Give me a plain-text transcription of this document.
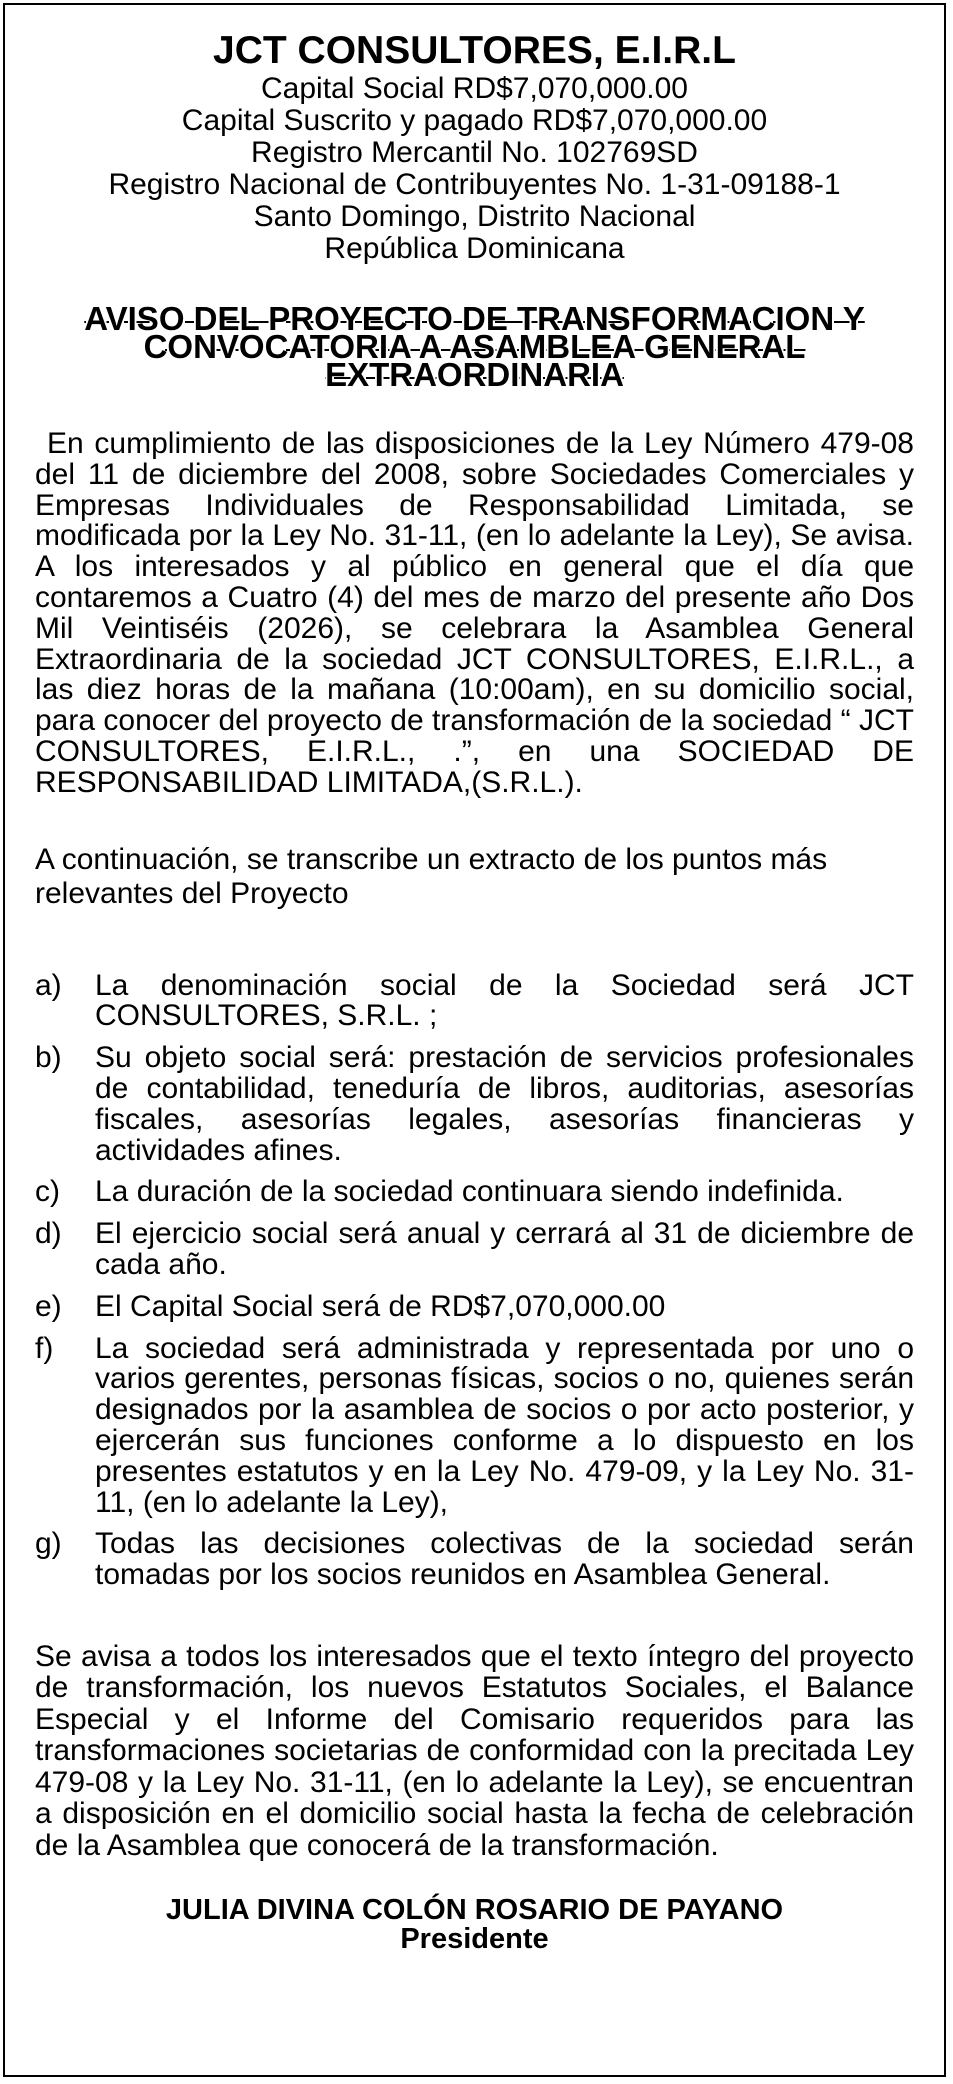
JCT CONSULTORES, E.I.R.L
Capital Social RD$7,070,000.00
Capital Suscrito y pagado RD$7,070,000.00
Registro Mercantil No. 102769SD
Registro Nacional de Contribuyentes No. 1-31-09188-1
Santo Domingo, Distrito Nacional
República Dominicana
AVISO DEL PROYECTO DE TRANSFORMACION Y CONVOCATORIA A ASAMBLEA GENERAL EXTRAORDINARIA
En cumplimiento de las disposiciones de la Ley Número 479-08 del 11 de diciembre del 2008, sobre Sociedades Comerciales y Empresas Individuales de Responsabilidad Limitada, se modificada por la Ley No. 31-11, (en lo adelante la Ley), Se avisa. A los interesados y al público en general que el día que contaremos a Cuatro (4) del mes de marzo del presente año Dos Mil Veintiséis (2026), se celebrara la Asamblea General Extraordinaria de la sociedad JCT CONSULTORES, E.I.R.L., a las diez horas de la mañana (10:00am), en su domicilio social, para conocer del proyecto de transformación de la sociedad “ JCT CONSULTORES, E.I.R.L., .”, en una SOCIEDAD DE RESPONSABILIDAD LIMITADA,(S.R.L.).
A continuación, se transcribe un extracto de los puntos más relevantes del Proyecto
a)	La denominación social de la Sociedad será JCT CONSULTORES, S.R.L. ;
b)	Su objeto social será: prestación de servicios profesionales de contabilidad, teneduría de libros, auditorias, asesorías fiscales, asesorías legales, asesorías financieras y actividades afines.
c)	La duración de la sociedad continuara siendo indefinida.
d)	El ejercicio social será anual y cerrará al 31 de diciembre de cada año.
e)	El Capital Social será de RD$7,070,000.00
f)	La sociedad será administrada y representada por uno o varios gerentes, personas físicas, socios o no, quienes serán designados por la asamblea de socios o por acto posterior, y ejercerán sus funciones conforme a lo dispuesto en los presentes estatutos y en la Ley No. 479-09, y la Ley No. 31-11, (en lo adelante la Ley),
g)	Todas las decisiones colectivas de la sociedad serán tomadas por los socios reunidos en Asamblea General.
Se avisa a todos los interesados que el texto íntegro del proyecto de transformación, los nuevos Estatutos Sociales, el Balance Especial y el Informe del Comisario requeridos para las transformaciones societarias de conformidad con la precitada Ley 479-08 y la Ley No. 31-11, (en lo adelante la Ley), se encuentran a disposición en el domicilio social hasta la fecha de celebración de la Asamblea que conocerá de la transformación.
JULIA DIVINA COLÓN ROSARIO DE PAYANO
Presidente
